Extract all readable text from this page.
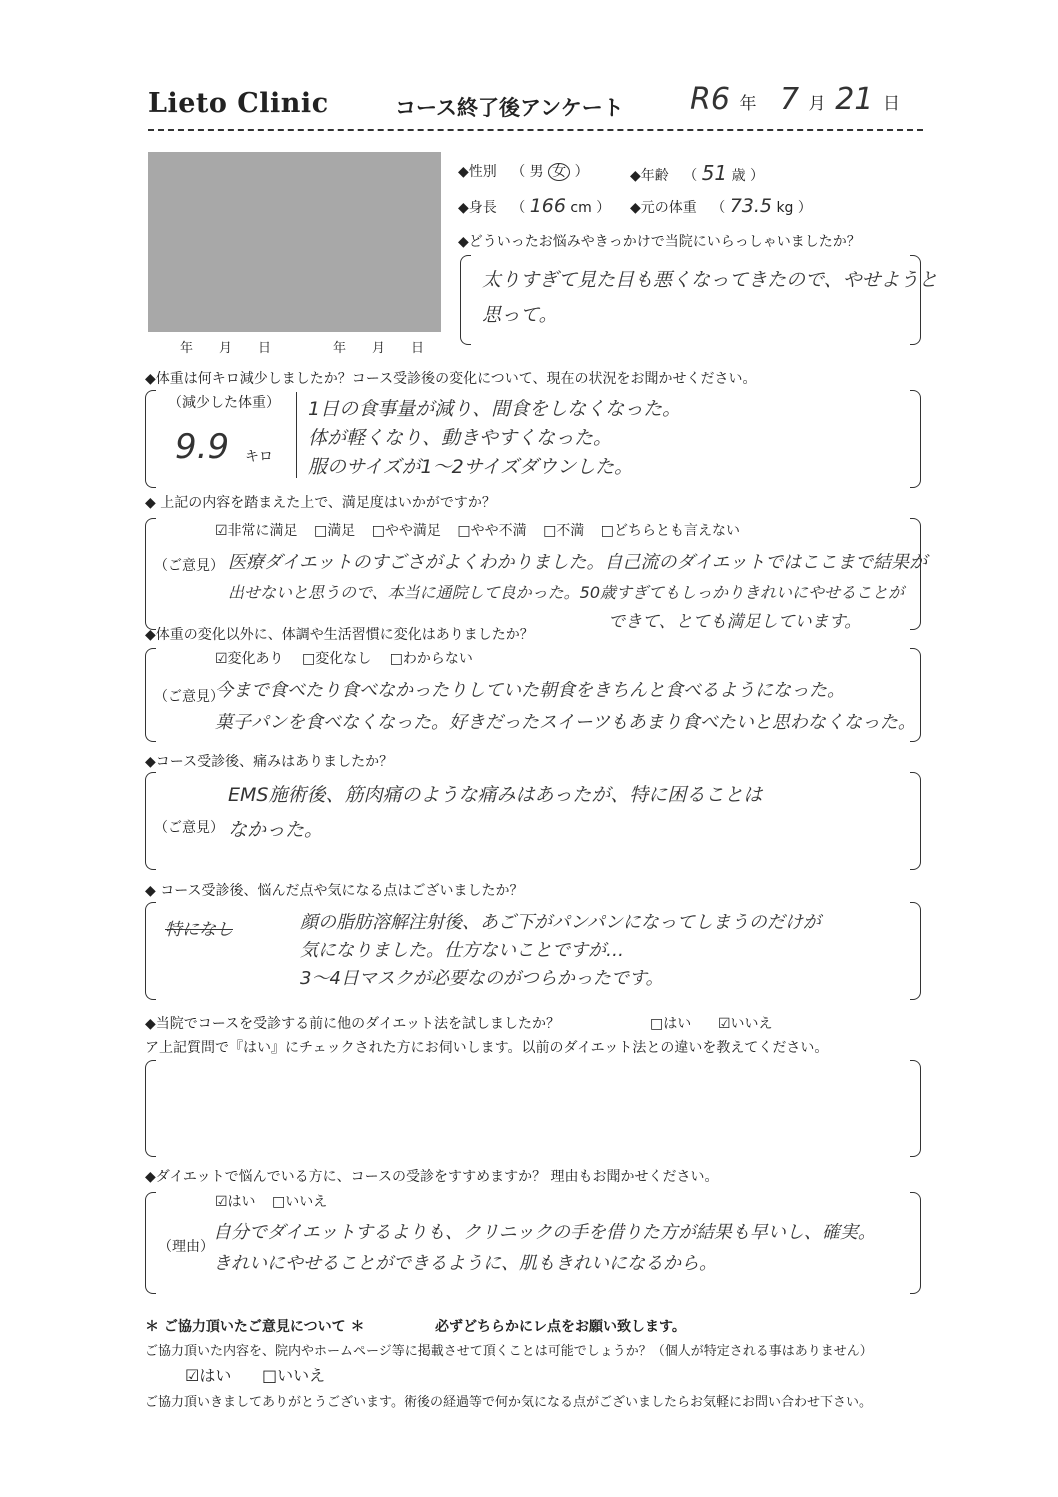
Lieto Clinic	コース終了後アンケート R6 年 7 月 21 日
年　　月　　日	年　　月　　日
◆性別 （ 男 女 ）	◆年齢 （ 51 歳 ）
◆身長 （ 166 cm ） ◆元の体重 （ 73.5 kg ）
◆どういったお悩みやきっかけで当院にいらっしゃいましたか？
太りすぎて見た目も悪くなってきたので、やせようと
思って。
◆体重は何キロ減少しましたか？コース受診後の変化について、現在の状況をお聞かせください。
（減少した体重）
9.9 キロ
1日の食事量が減り、間食をしなくなった。
体が軽くなり、動きやすくなった。
服のサイズが1〜2サイズダウンした。
◆ 上記の内容を踏まえた上で、満足度はいかがですか？
☑非常に満足 □満足 □やや満足 □やや不満 □不満 □どちらとも言えない
（ご意見） 医療ダイエットのすごさがよくわかりました。自己流のダイエットではここまで結果が
出せないと思うので、本当に通院して良かった。50歳すぎてもしっかりきれいにやせることが
できて、とても満足しています。
◆体重の変化以外に、体調や生活習慣に変化はありましたか？
☑変化あり □変化なし □わからない
（ご意見）
今まで食べたり食べなかったりしていた朝食をきちんと食べるようになった。
菓子パンを食べなくなった。好きだったスイーツもあまり食べたいと思わなくなった。
◆コース受診後、痛みはありましたか？
EMS施術後、筋肉痛のような痛みはあったが、特に困ることは
（ご意見） なかった。
◆ コース受診後、悩んだ点や気になる点はございましたか？
特になし	顔の脂肪溶解注射後、あご下がパンパンになってしまうのだけが
気になりました。仕方ないことですが…
3〜4日マスクが必要なのがつらかったです。
◆当院でコースを受診する前に他のダイエット法を試しましたか？	□はい ☑いいえ
ア上記質問で『はい』にチェックされた方にお伺いします。以前のダイエット法との違いを教えてください。
◆ダイエットで悩んでいる方に、コースの受診をすすめますか？ 理由もお聞かせください。
☑はい □いいえ
（理由）
自分でダイエットするよりも、クリニックの手を借りた方が結果も早いし、確実。
きれいにやせることができるように、肌もきれいになるから。
＊ ご協力頂いたご意見について ＊	必ずどちらかにレ点をお願い致します。
ご協力頂いた内容を、院内やホームページ等に掲載させて頂くことは可能でしょうか？（個人が特定される事はありません）
☑はい □いいえ
ご協力頂いきましてありがとうございます。術後の経過等で何か気になる点がございましたらお気軽にお問い合わせ下さい。
